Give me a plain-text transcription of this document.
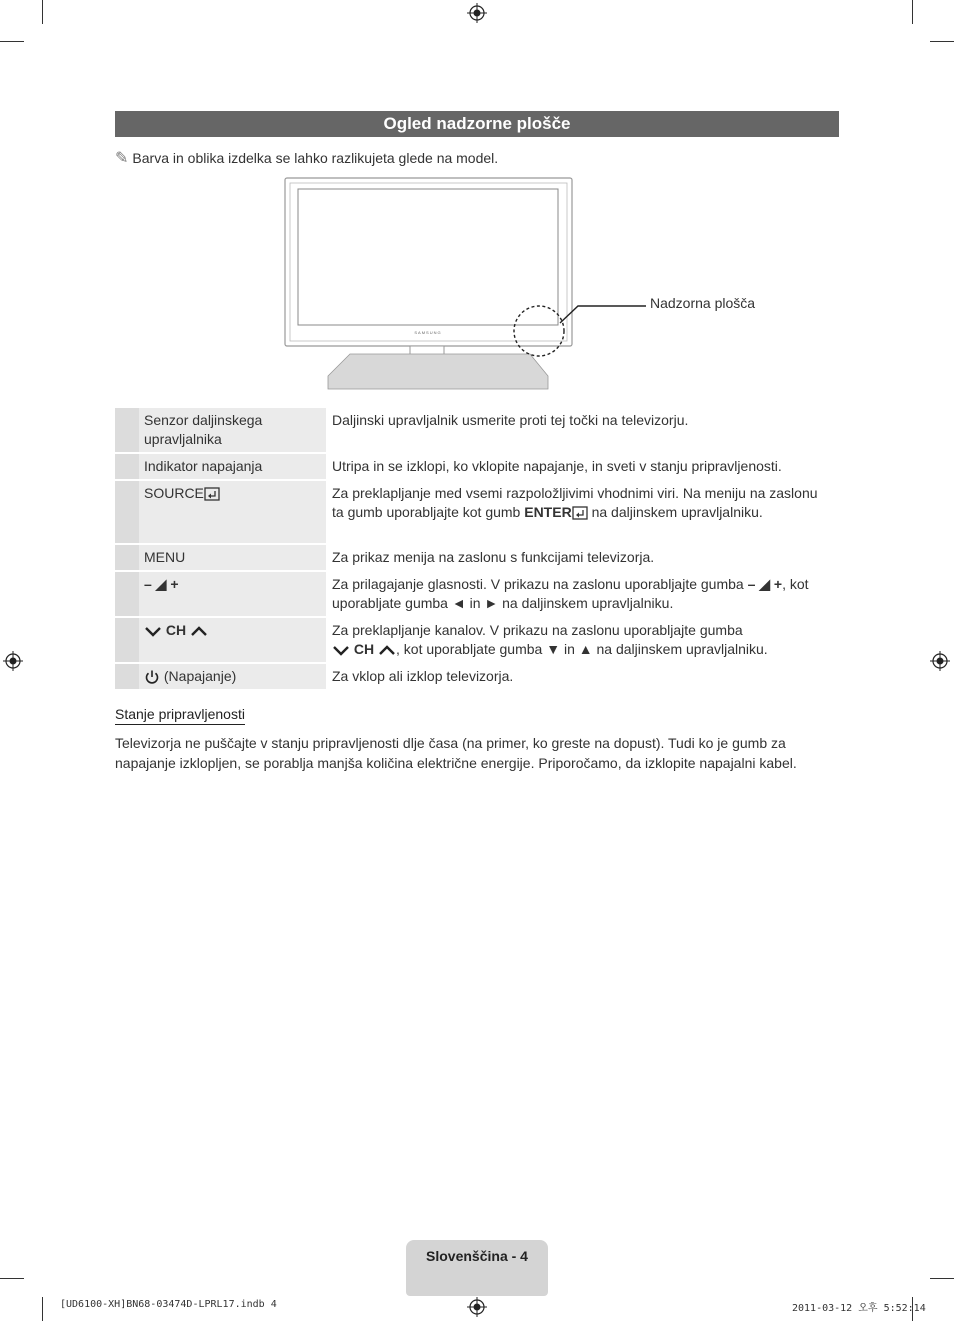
Ogled nadzorne plošče
✎ Barva in oblika izdelka se lahko razlikujeta glede na model.
SAMSUNG
Nadzorna plošča
	Senzor daljinskega upravljalnika	Daljinski upravljalnik usmerite proti tej točki na televizorju.
	Indikator napajanja	Utripa in se izklopi, ko vklopite napajanje, in sveti v stanju pripravljenosti.
	SOURCE	Za preklapljanje med vsemi razpoložljivimi vhodnimi viri. Na meniju na zaslonu ta gumb uporabljajte kot gumb ENTER na daljinskem upravljalniku.
	MENU	Za prikaz menija na zaslonu s funkcijami televizorja.
	– ◢ +	Za prilagajanje glasnosti. V prikazu na zaslonu uporabljajte gumba – ◢ +, kot uporabljate gumba ◄ in ► na daljinskem upravljalniku.
	CH	Za preklapljanje kanalov. V prikazu na zaslonu uporabljajte gumba
CH , kot uporabljate gumba ▼ in ▲ na daljinskem upravljalniku.
	(Napajanje)	Za vklop ali izklop televizorja.
Stanje pripravljenosti
Televizorja ne puščajte v stanju pripravljenosti dlje časa (na primer, ko greste na dopust). Tudi ko je gumb za napajanje izklopljen, se porablja manjša količina električne energije. Priporočamo, da izklopite napajalni kabel.
Slovenščina - 4
[UD6100-XH]BN68-03474D-LPRL17.indb 4	2011-03-12 오후 5:52:14
